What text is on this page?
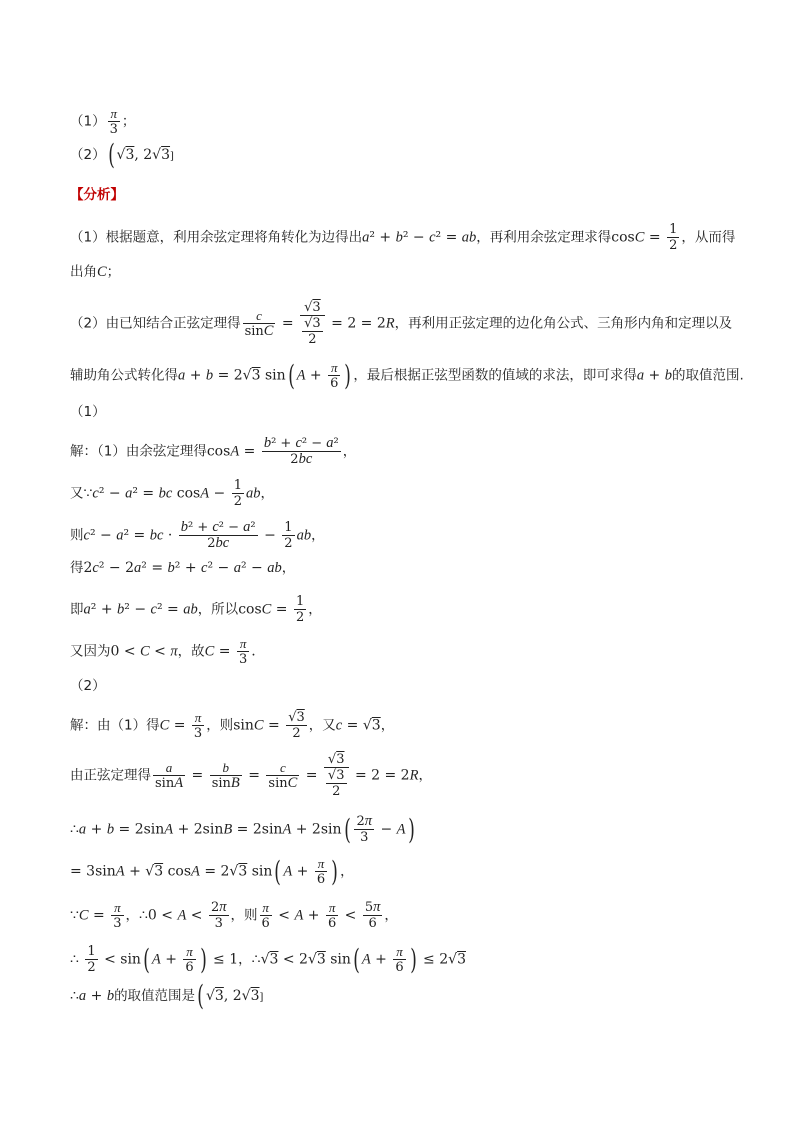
$(1) \frac{\pi}{3}$ ；
（2）( √3, 2√3]
【分析】
（1）根据题意，利用余弦定理将角转化为边得出a² + b² − c² = ab，再利用余弦定理求得$\cos C = \frac{1}{2}$ ，从而得
出角C；
（2）由已知结合正弦定理得 $\frac{c}{\sin C} = \frac{√3}{\frac{√3}{2}} = 2 = 2R$，再利用正弦定理的边化角公式、三角形内角和定理以及
辅助角公式转化得a + b = 2√3 sin( $A + \frac{\pi}{6}$ ) ，最后根据正弦型函数的值域的求法，即可求得a + b的取值范围.
（1）
解：（1）由余弦定理得$\cos A = \frac{\text{b² + c² − a²}}{2bc}$ ，
又∵c² − a² = bc $\cos A - \frac{1}{2}$ ab，
则c² − a² = bc · $\frac{\text{b² + c² − a²}}{2bc} - \frac{1}{2}$ ab，
得2c² − 2a² = b² + c² − a² − ab，
即a² + b² − c² = ab，所以$\cos C = \frac{1}{2}$ ，
又因为0 < C < π，故$C = \frac{\pi}{3}$ .
（2）
解：由（1）得$C = \frac{\pi}{3}$ ，则$\sin C = \frac{√3}{2}$ ，又c = √3，
由正弦定理得 $\frac{a}{\sin A} = \frac{b}{\sin B} = \frac{c}{\sin C} = \frac{√3}{\frac{√3}{2}} = 2 = 2R$，
∴a + $b = 2\sin A + 2\sin B = 2\sin A + 2\sin( \frac{2\pi}{3} - A)$
= 3sinA + √3 cosA = 2√3 sin( $A + \frac{\pi}{6}$ ) ，
∵C = $\frac{\pi}{3}$ ，∴0 < $A < \frac{2\pi}{3}$ ，则 $\frac{\pi}{6} < A + \frac{\pi}{6} < \frac{5\pi}{6}$ ，
∴ $\frac{1}{2} < \sin$( $A + \frac{\pi}{6}$ ) ≤ 1，∴√3 < 2√3 sin( $A + \frac{\pi}{6}$ ) ≤ 2√3
∴a + b的取值范围是( √3, 2√3]
